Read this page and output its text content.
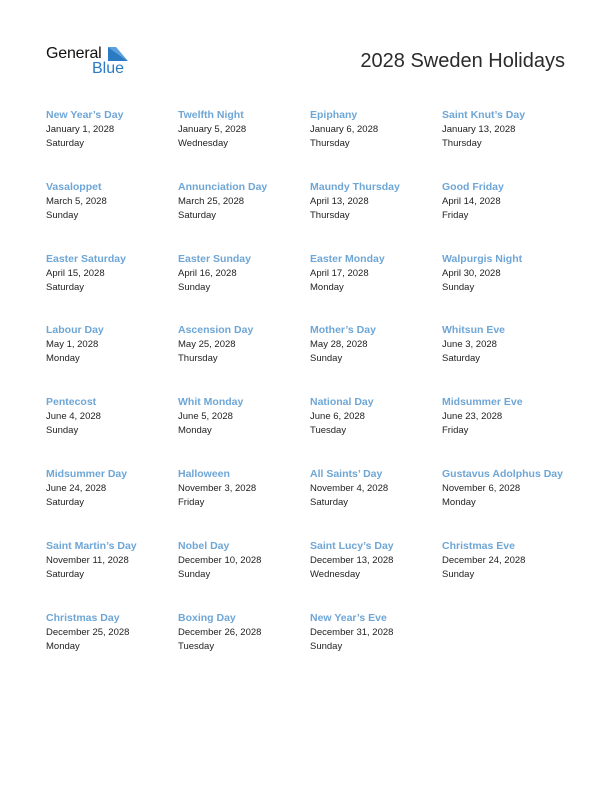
General
Blue	2028 Sweden Holidays
New Year’s Day
January 1, 2028
Saturday
Twelfth Night
January 5, 2028
Wednesday
Epiphany
January 6, 2028
Thursday
Saint Knut’s Day
January 13, 2028
Thursday
Vasaloppet
March 5, 2028
Sunday
Annunciation Day
March 25, 2028
Saturday
Maundy Thursday
April 13, 2028
Thursday
Good Friday
April 14, 2028
Friday
Easter Saturday
April 15, 2028
Saturday
Easter Sunday
April 16, 2028
Sunday
Easter Monday
April 17, 2028
Monday
Walpurgis Night
April 30, 2028
Sunday
Labour Day
May 1, 2028
Monday
Ascension Day
May 25, 2028
Thursday
Mother’s Day
May 28, 2028
Sunday
Whitsun Eve
June 3, 2028
Saturday
Pentecost
June 4, 2028
Sunday
Whit Monday
June 5, 2028
Monday
National Day
June 6, 2028
Tuesday
Midsummer Eve
June 23, 2028
Friday
Midsummer Day
June 24, 2028
Saturday
Halloween
November 3, 2028
Friday
All Saints’ Day
November 4, 2028
Saturday
Gustavus Adolphus Day
November 6, 2028
Monday
Saint Martin’s Day
November 11, 2028
Saturday
Nobel Day
December 10, 2028
Sunday
Saint Lucy’s Day
December 13, 2028
Wednesday
Christmas Eve
December 24, 2028
Sunday
Christmas Day
December 25, 2028
Monday
Boxing Day
December 26, 2028
Tuesday
New Year’s Eve
December 31, 2028
Sunday
